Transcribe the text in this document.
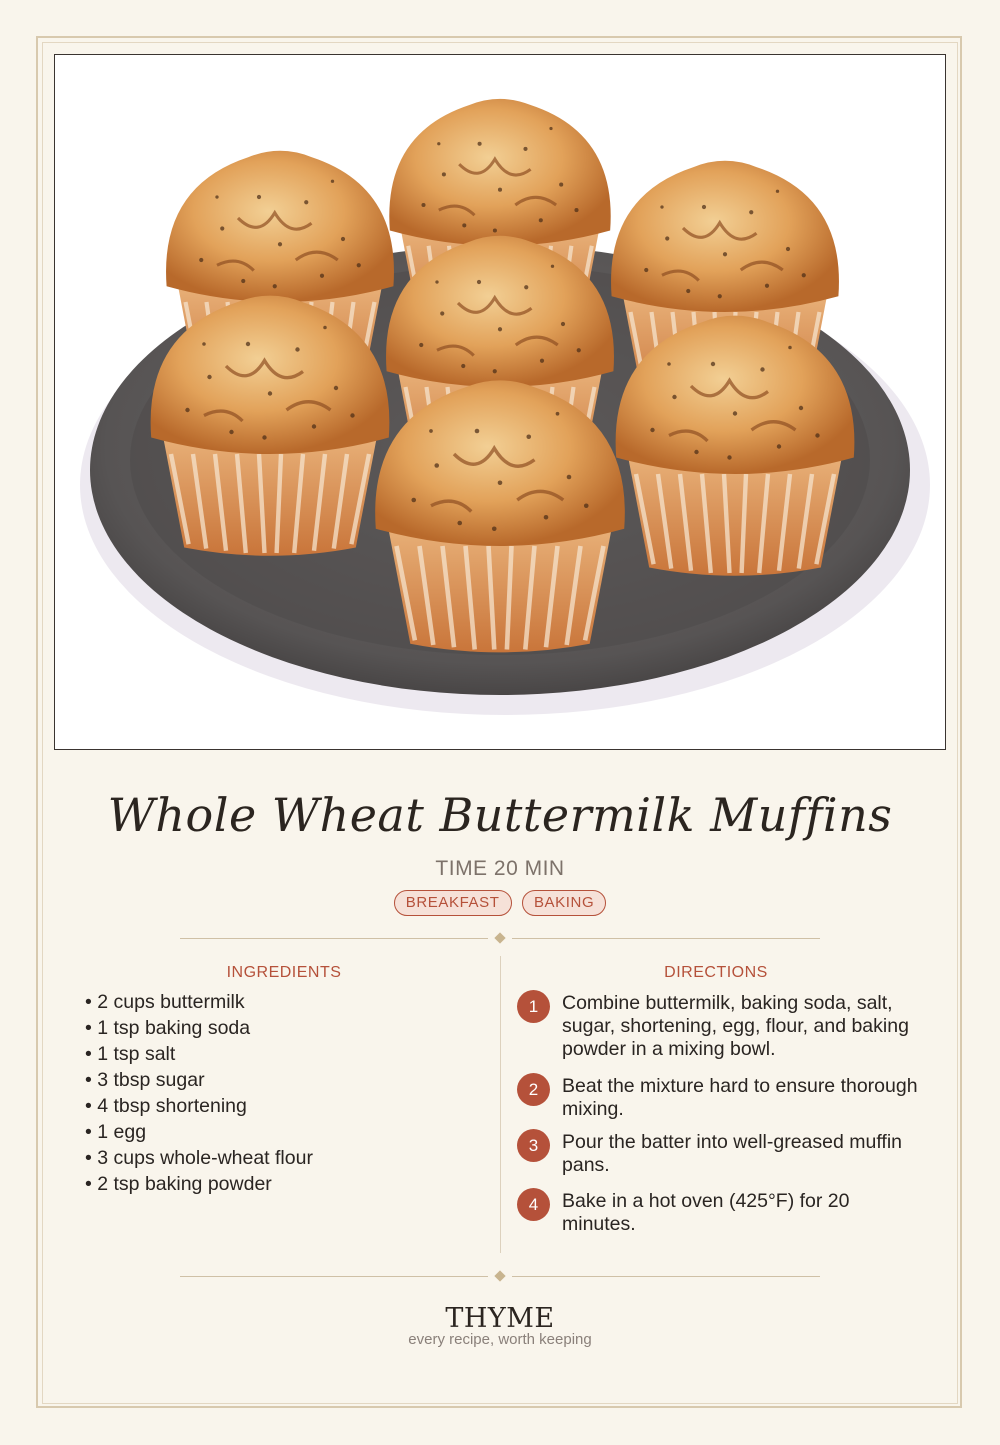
Whole Wheat Buttermilk Muffins
TIME 20 MIN
BREAKFAST BAKING
INGREDIENTS	DIRECTIONS
• 2 cups buttermilk
• 1 tsp baking soda
• 1 tsp salt
• 3 tbsp sugar
• 4 tbsp shortening
• 1 egg
• 3 cups whole-wheat flour
• 2 tsp baking powder
1	Combine buttermilk, baking soda, salt, sugar, shortening, egg, flour, and baking powder in a mixing bowl.
2	Beat the mixture hard to ensure thorough mixing.
3	Pour the batter into well-greased muffin pans.
4	Bake in a hot oven (425°F) for 20 minutes.
THYME
every recipe, worth keeping
